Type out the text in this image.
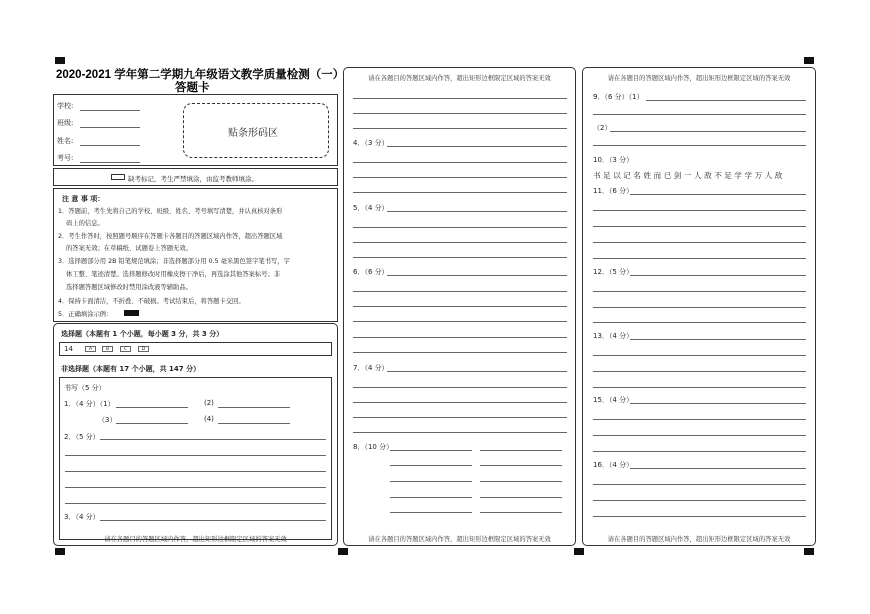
2020-2021 学年第二学期九年级语文教学质量检测（一）
答题卡
学校:
班级:
姓名:
考号:
贴条形码区
缺考标记，考生严禁填涂，由监考教师填涂。
注 意 事 项：
1．答题前，考生先将自己的学校、班级、姓名、考号填写清楚，并认真核对条形
码上的信息。
2．考生作答时，按照题号顺序在答题卡各题目的答题区域内作答，超出答题区域
的答案无效；在草稿纸、试题卷上答题无效。
3．选择题部分用 2B 铅笔规范填涂；非选择题部分用 0.5 毫米黑色签字笔书写，字
体工整、笔迹清楚。选择题修改时用橡皮擦干净后，再选涂其他答案标号；非
选择题答题区域修改时禁用涂改液等辅助品。
4．保持卡面清洁，不折叠、不破损。考试结束后，将答题卡交回。
5．正确填涂示例：
选择题（本题有 1 个小题，每小题 3 分，共 3 分）
14	A	B	C	D
非选择题（本题有 17 个小题，共 147 分）
书写（5 分）
1．（4 分）（1）	(2)
（3）	(4)
2．（5 分）
3．（4 分）
请在各题目的答题区域内作答，超出矩形边框限定区域的答案无效
4．（3 分）
5．（4 分）
6．（6 分）
7．（4 分）
8．（10 分）
请在各题目的答题区域内作答，超出矩形边框限定区域的答案无效
请在各题目的答题区域内作答，超出矩形边框限定区域的答案无效
9．（6 分）（1）
（2）
10．（3 分）
书足以记名姓而已剑一人敌不足学学万人敌
11．（6 分）
12．（5 分）
13．（4 分）
15．（4 分）
16．（4 分）
请在各题目的答题区域内作答，超出矩形边框限定区域的答案无效
请在各题目的答题区域内作答，超出矩形边框限定区域的答案无效
